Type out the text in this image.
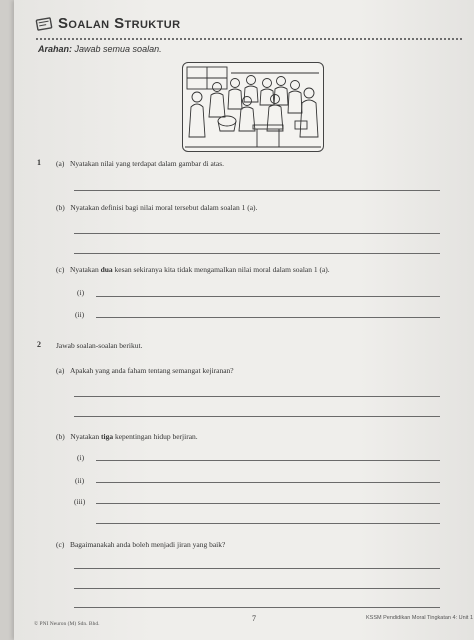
Soalan Struktur
Arahan: Jawab semua soalan.
1 (a) Nyatakan nilai yang terdapat dalam gambar di atas.
(b) Nyatakan definisi bagi nilai moral tersebut dalam soalan 1 (a).
(c) Nyatakan dua kesan sekiranya kita tidak mengamalkan nilai moral dalam soalan 1 (a).
(i)
(ii)
2 Jawab soalan-soalan berikut.
(a) Apakah yang anda faham tentang semangat kejiranan?
(b) Nyatakan tiga kepentingan hidup berjiran.
(i)
(ii)
(iii)
(c) Bagaimanakah anda boleh menjadi jiran yang baik?
© PNI Neuron (M) Sdn. Bhd.
7	KSSM Pendidikan Moral Tingkatan 4: Unit 1
